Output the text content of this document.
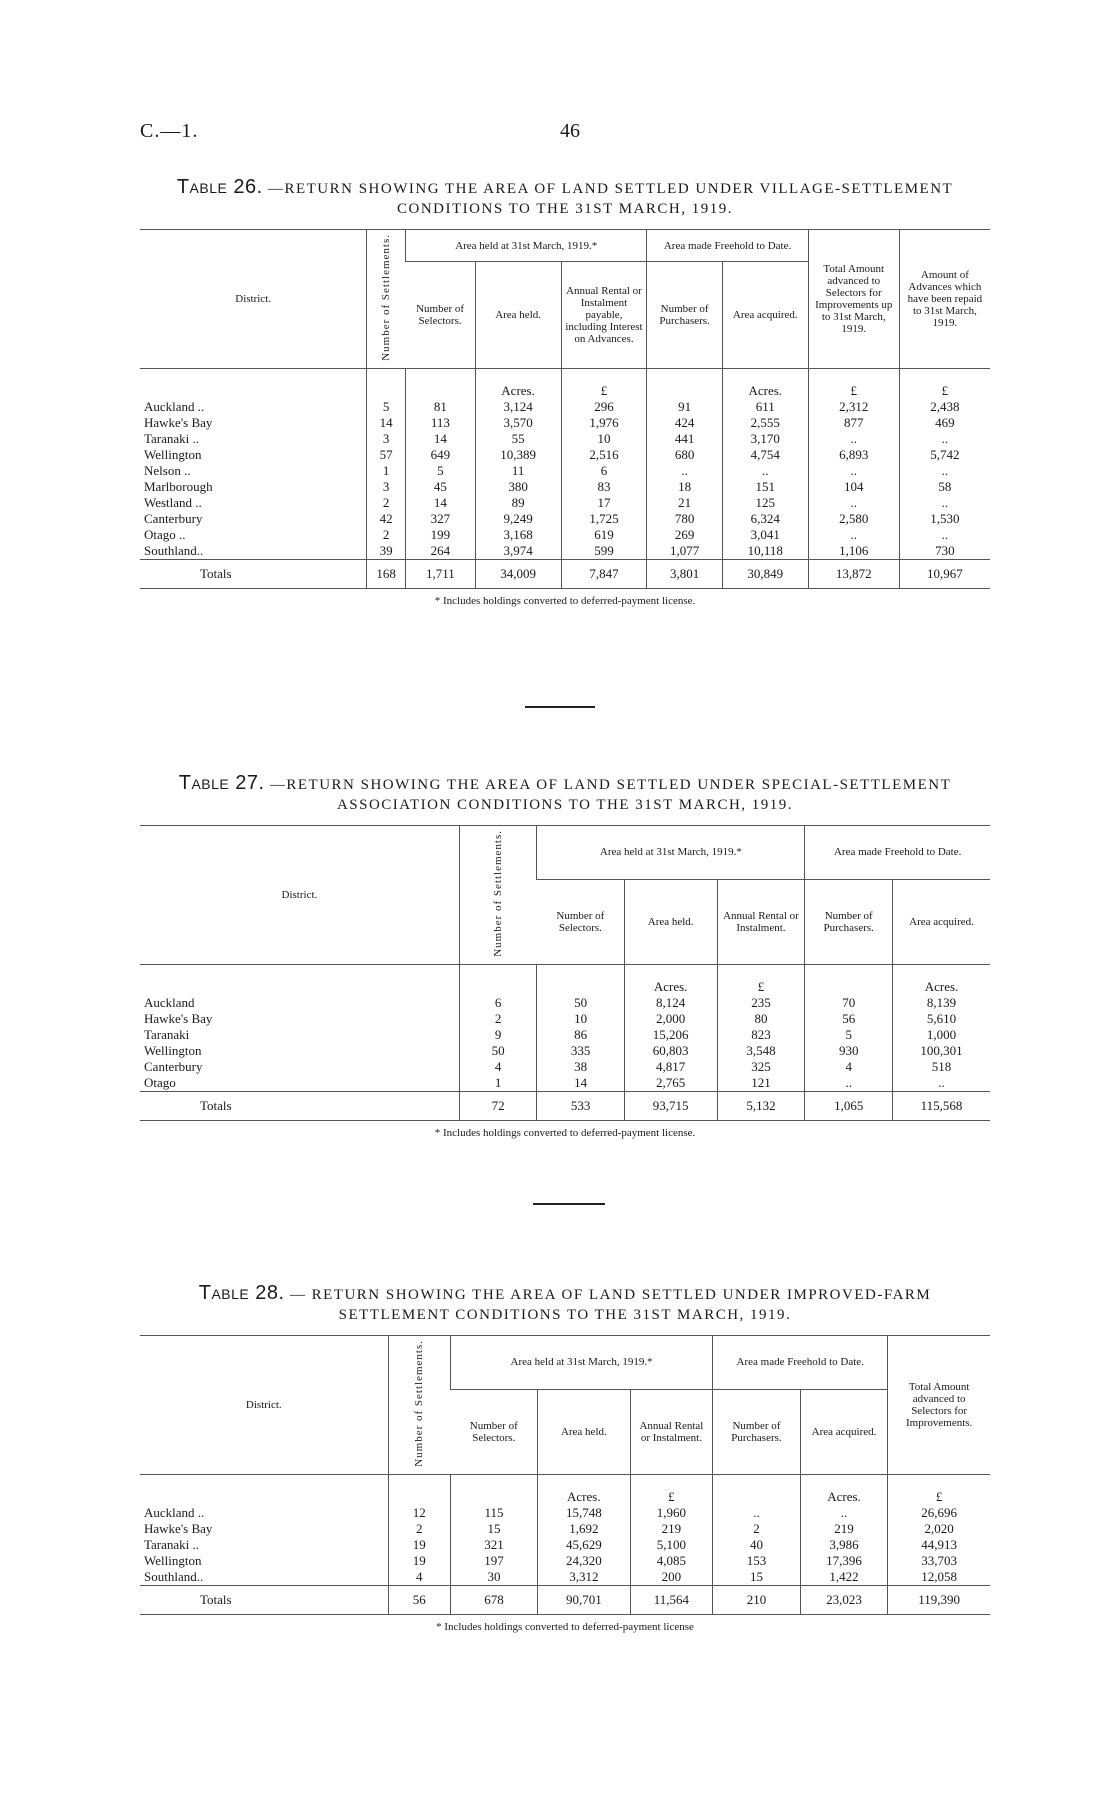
C.—1.	46
Table 26. —RETURN SHOWING THE AREA OF LAND SETTLED UNDER VILLAGE-SETTLEMENT
CONDITIONS TO THE 31ST MARCH, 1919.
District.	Number of Settlements.	Area held at 31st March, 1919.*			Area made Freehold to Date.		Total Amount advanced to Selectors for Improvements up to 31st March, 1919.	Amount of Advances which have been repaid to 31st March, 1919.
		Number of Selectors.	Area held.	Annual Rental or Instalment payable, including Interest on Advances.	Number of Purchasers.	Area acquired.		
			Acres.	£		Acres.	£	£
Auckland ..	5	81	3,124	296	91	611	2,312	2,438
Hawke's Bay	14	113	3,570	1,976	424	2,555	877	469
Taranaki ..	3	14	55	10	441	3,170	..	..
Wellington	57	649	10,389	2,516	680	4,754	6,893	5,742
Nelson ..	1	5	11	6	..	..	..	..
Marlborough	3	45	380	83	18	151	104	58
Westland ..	2	14	89	17	21	125	..	..
Canterbury	42	327	9,249	1,725	780	6,324	2,580	1,530
Otago ..	2	199	3,168	619	269	3,041	..	..
Southland..	39	264	3,974	599	1,077	10,118	1,106	730
Totals	168	1,711	34,009	7,847	3,801	30,849	13,872	10,967
* Includes holdings converted to deferred-payment license.
Table 27. —RETURN SHOWING THE AREA OF LAND SETTLED UNDER SPECIAL-SETTLEMENT
ASSOCIATION CONDITIONS TO THE 31ST MARCH, 1919.
District.	Number of Settlements.	Area held at 31st March, 1919.*			Area made Freehold to Date.	
		Number of Selectors.	Area held.	Annual Rental or Instalment.	Number of Purchasers.	Area acquired.
			Acres.	£		Acres.
Auckland	6	50	8,124	235	70	8,139
Hawke's Bay	2	10	2,000	80	56	5,610
Taranaki	9	86	15,206	823	5	1,000
Wellington	50	335	60,803	3,548	930	100,301
Canterbury	4	38	4,817	325	4	518
Otago	1	14	2,765	121	..	..
Totals	72	533	93,715	5,132	1,065	115,568
* Includes holdings converted to deferred-payment license.
Table 28. — RETURN SHOWING THE AREA OF LAND SETTLED UNDER IMPROVED-FARM
SETTLEMENT CONDITIONS TO THE 31ST MARCH, 1919.
District.	Number of Settlements.	Area held at 31st March, 1919.*			Area made Freehold to Date.		Total Amount advanced to Selectors for Improvements.
		Number of Selectors.	Area held.	Annual Rental or Instalment.	Number of Purchasers.	Area acquired.	
			Acres.	£		Acres.	£
Auckland ..	12	115	15,748	1,960	..	..	26,696
Hawke's Bay	2	15	1,692	219	2	219	2,020
Taranaki ..	19	321	45,629	5,100	40	3,986	44,913
Wellington	19	197	24,320	4,085	153	17,396	33,703
Southland..	4	30	3,312	200	15	1,422	12,058
Totals	56	678	90,701	11,564	210	23,023	119,390
* Includes holdings converted to deferred-payment license
